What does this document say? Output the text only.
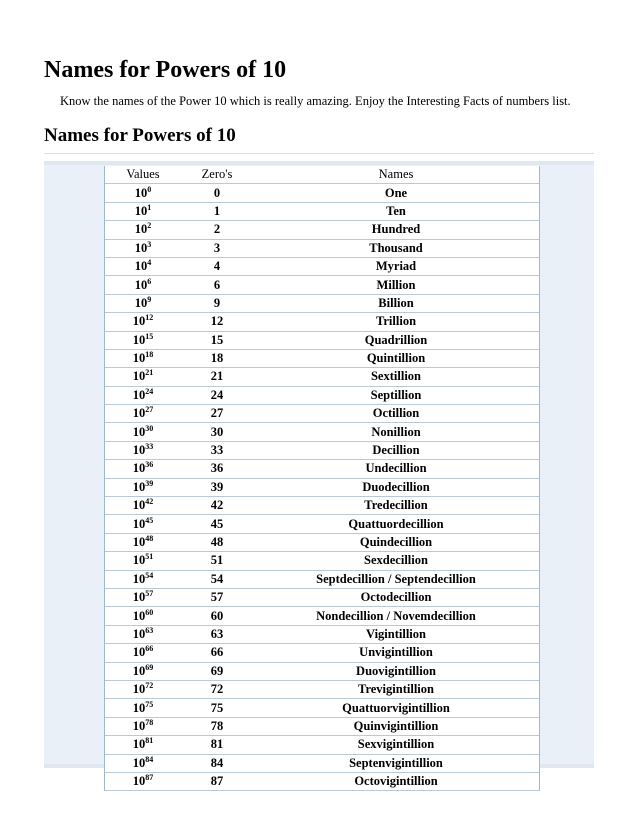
Names for Powers of 10
Know the names of the Power 10 which is really amazing. Enjoy the Interesting Facts of numbers list.
Names for Powers of 10
Values	Zero's	Names
$10^0$	0	One
$10^1$	1	Ten
$10^2$	2	Hundred
$10^3$	3	Thousand
$10^4$	4	Myriad
$10^6$	6	Million
$10^9$	9	Billion
$10^{12}$	12	Trillion
$10^{15}$	15	Quadrillion
$10^{18}$	18	Quintillion
$10^{21}$	21	Sextillion
$10^{24}$	24	Septillion
$10^{27}$	27	Octillion
$10^{30}$	30	Nonillion
$10^{33}$	33	Decillion
$10^{36}$	36	Undecillion
$10^{39}$	39	Duodecillion
$10^{42}$	42	Tredecillion
$10^{45}$	45	Quattuordecillion
$10^{48}$	48	Quindecillion
$10^{51}$	51	Sexdecillion
$10^{54}$	54	Septdecillion / Septendecillion
$10^{57}$	57	Octodecillion
$10^{60}$	60	Nondecillion / Novemdecillion
$10^{63}$	63	Vigintillion
$10^{66}$	66	Unvigintillion
$10^{69}$	69	Duovigintillion
$10^{72}$	72	Trevigintillion
$10^{75}$	75	Quattuorvigintillion
$10^{78}$	78	Quinvigintillion
$10^{81}$	81	Sexvigintillion
$10^{84}$	84	Septenvigintillion
$10^{87}$	87	Octovigintillion
